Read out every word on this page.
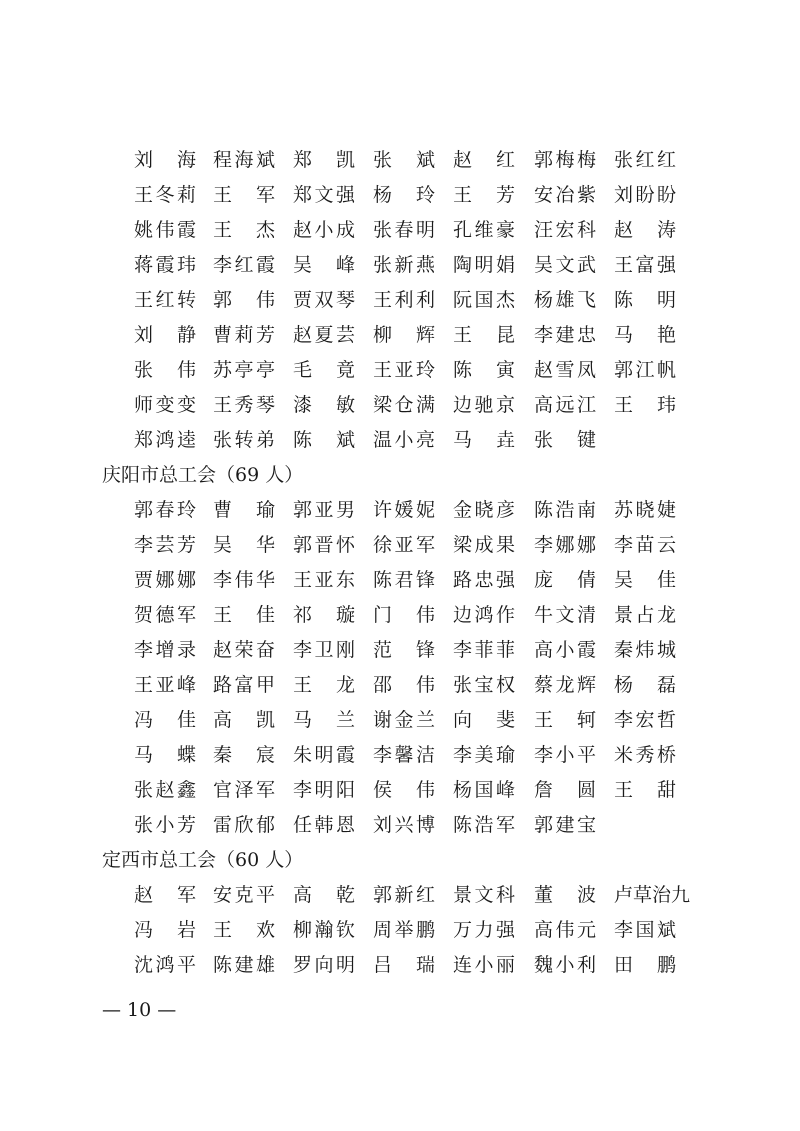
刘　海 程海斌 郑　凯 张　斌 赵　红 郭梅梅 张红红
王冬莉 王　军 郑文强 杨　玲 王　芳 安冶紫 刘盼盼
姚伟霞 王　杰 赵小成 张春明 孔维豪 汪宏科 赵　涛
蒋霞玮 李红霞 吴　峰 张新燕 陶明娟 吴文武 王富强
王红转 郭　伟 贾双琴 王利利 阮国杰 杨雄飞 陈　明
刘　静 曹莉芳 赵夏芸 柳　辉 王　昆 李建忠 马　艳
张　伟 苏亭亭 毛　竟 王亚玲 陈　寅 赵雪凤 郭江帆
师变变 王秀琴 漆　敏 梁仓满 边驰京 高远江 王　玮
郑鸿逵 张转弟 陈　斌 温小亮 马　垚 张　键
庆阳市总工会（69 人）
郭春玲 曹　瑜 郭亚男 许媛妮 金晓彦 陈浩南 苏晓婕
李芸芳 吴　华 郭晋怀 徐亚军 梁成果 李娜娜 李苗云
贾娜娜 李伟华 王亚东 陈君锋 路忠强 庞　倩 吴　佳
贺德军 王　佳 祁　璇 门　伟 边鸿作 牛文清 景占龙
李增录 赵荣奋 李卫刚 范　锋 李菲菲 高小霞 秦炜城
王亚峰 路富甲 王　龙 邵　伟 张宝权 蔡龙辉 杨　磊
冯　佳 高　凯 马　兰 谢金兰 向　斐 王　轲 李宏哲
马　蝶 秦　宸 朱明霞 李馨洁 李美瑜 李小平 米秀桥
张赵鑫 官泽军 李明阳 侯　伟 杨国峰 詹　圆 王　甜
张小芳 雷欣郁 任韩恩 刘兴博 陈浩军 郭建宝
定西市总工会（60 人）
赵　军 安克平 高　乾 郭新红 景文科 董　波 卢草治九
冯　岩 王　欢 柳瀚钦 周举鹏 万力强 高伟元 李国斌
沈鸿平 陈建雄 罗向明 吕　瑞 连小丽 魏小利 田　鹏
— 10 —
